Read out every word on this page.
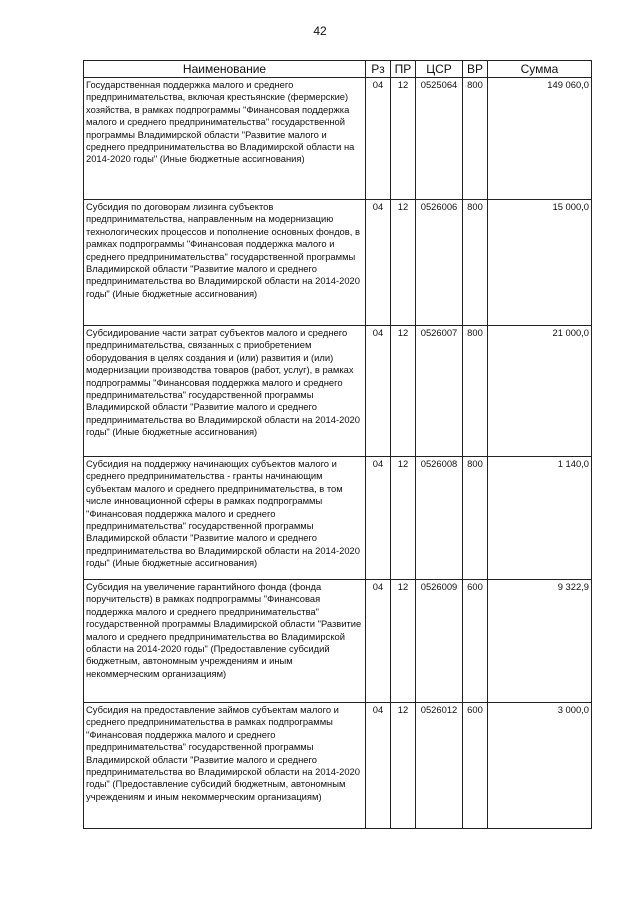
42
Наименование	Рз	ПР	ЦСР	ВР	Сумма
Государственная поддержка малого и среднего предпринимательства, включая крестьянские (фермерские) хозяйства, в рамках подпрограммы "Финансовая поддержка малого и среднего предпринимательства" государственной программы Владимирской области "Развитие малого и среднего предпринимательства во Владимирской области на 2014-2020 годы" (Иные бюджетные ассигнования)	04	12	0525064	800	149 060,0
Субсидия по договорам лизинга субъектов предпринимательства, направленным на модернизацию технологических процессов и пополнение основных фондов, в рамках подпрограммы "Финансовая поддержка малого и среднего предпринимательства" государственной программы Владимирской области "Развитие малого и среднего предпринимательства во Владимирской области на 2014-2020 годы" (Иные бюджетные ассигнования)	04	12	0526006	800	15 000,0
Субсидирование части затрат субъектов малого и среднего предпринимательства, связанных с приобретением оборудования в целях создания и (или) развития и (или) модернизации производства товаров (работ, услуг), в рамках подпрограммы "Финансовая поддержка малого и среднего предпринимательства" государственной программы Владимирской области "Развитие малого и среднего предпринимательства во Владимирской области на 2014-2020 годы" (Иные бюджетные ассигнования)	04	12	0526007	800	21 000,0
Субсидия на поддержку начинающих субъектов малого и среднего предпринимательства - гранты начинающим субъектам малого и среднего предпринимательства, в том числе инновационной сферы в рамках подпрограммы "Финансовая поддержка малого и среднего предпринимательства" государственной программы Владимирской области "Развитие малого и среднего предпринимательства во Владимирской области на 2014-2020 годы" (Иные бюджетные ассигнования)	04	12	0526008	800	1 140,0
Субсидия на увеличение гарантийного фонда (фонда поручительств) в рамках подпрограммы "Финансовая поддержка малого и среднего предпринимательства" государственной программы Владимирской области "Развитие малого и среднего предпринимательства во Владимирской области на 2014-2020 годы" (Предоставление субсидий бюджетным, автономным учреждениям и иным некоммерческим организациям)	04	12	0526009	600	9 322,9
Субсидия на предоставление займов субъектам малого и среднего предпринимательства в рамках подпрограммы "Финансовая поддержка малого и среднего предпринимательства" государственной программы Владимирской области "Развитие малого и среднего предпринимательства во Владимирской области на 2014-2020 годы" (Предоставление субсидий бюджетным, автономным учреждениям и иным некоммерческим организациям)	04	12	0526012	600	3 000,0
